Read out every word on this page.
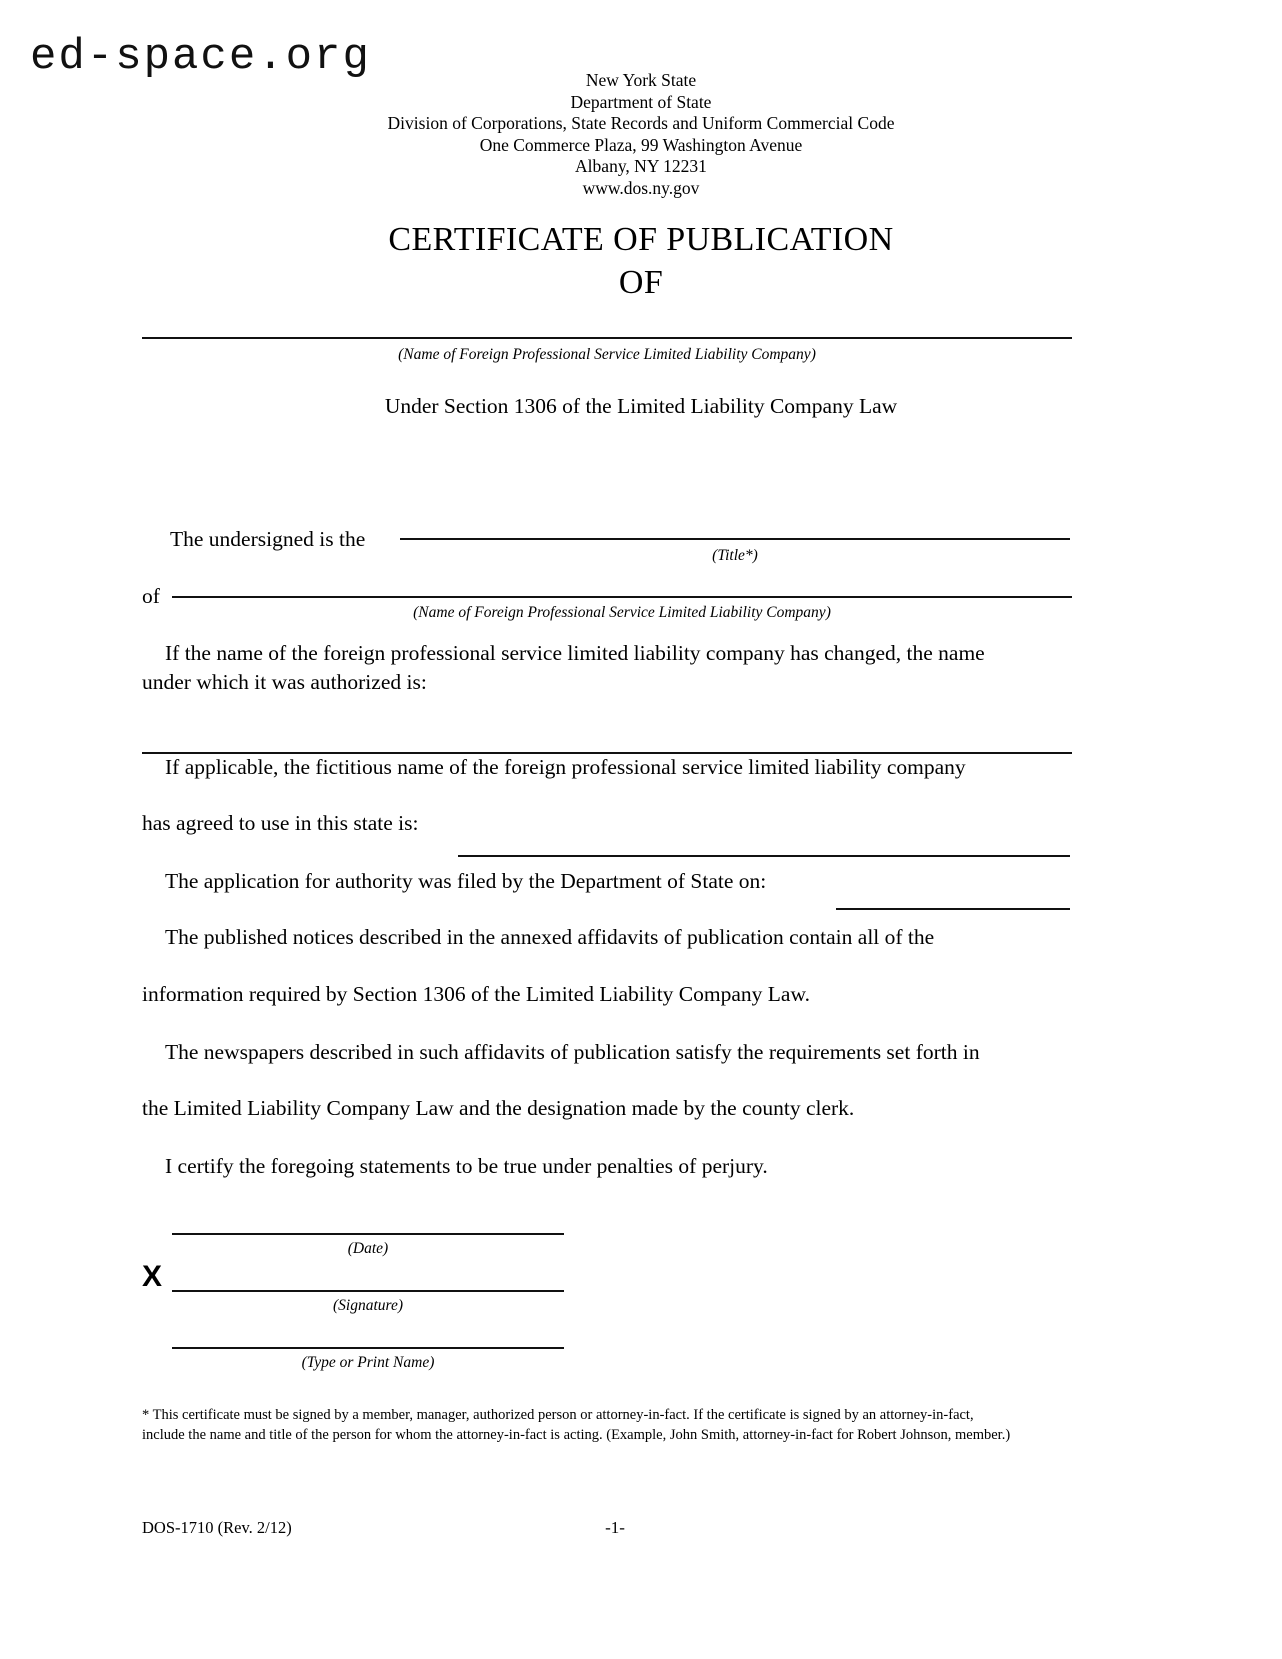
ed-space.org	New York State
Department of State
Division of Corporations, State Records and Uniform Commercial Code
One Commerce Plaza, 99 Washington Avenue
Albany, NY 12231
www.dos.ny.gov
CERTIFICATE OF PUBLICATION
OF
(Name of Foreign Professional Service Limited Liability Company)
Under Section 1306 of the Limited Liability Company Law
The undersigned is the
(Title*)
of
(Name of Foreign Professional Service Limited Liability Company)
If the name of the foreign professional service limited liability company has changed, the name
under which it was authorized is:
If applicable, the fictitious name of the foreign professional service limited liability company
has agreed to use in this state is:
The application for authority was filed by the Department of State on:
The published notices described in the annexed affidavits of publication contain all of the
information required by Section 1306 of the Limited Liability Company Law.
The newspapers described in such affidavits of publication satisfy the requirements set forth in
the Limited Liability Company Law and the designation made by the county clerk.
I certify the foregoing statements to be true under penalties of perjury.
(Date)
X
(Signature)
(Type or Print Name)
* This certificate must be signed by a member, manager, authorized person or attorney-in-fact. If the certificate is signed by an attorney-in-fact,
include the name and title of the person for whom the attorney-in-fact is acting. (Example, John Smith, attorney-in-fact for Robert Johnson, member.)
DOS-1710 (Rev. 2/12)	-1-
